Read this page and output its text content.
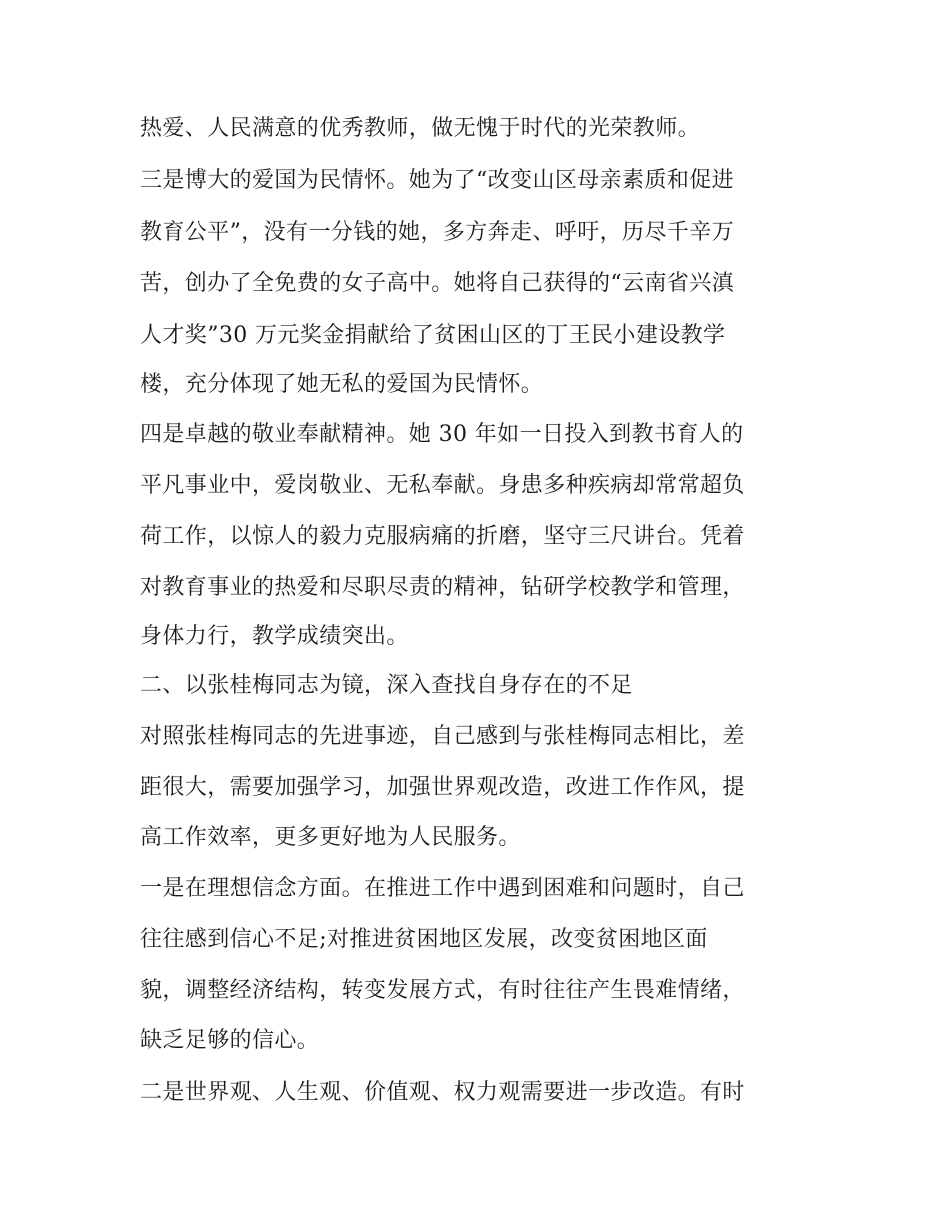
热爱、人民满意的优秀教师，做无愧于时代的光荣教师。

三是博大的爱国为民情怀。她为了“改变山区母亲素质和促进

教育公平”，没有一分钱的她，多方奔走、呼吁，历尽千辛万

苦，创办了全免费的女子高中。她将自己获得的“云南省兴滇

人才奖”30 万元奖金捐献给了贫困山区的丁王民小建设教学

楼，充分体现了她无私的爱国为民情怀。

四是卓越的敬业奉献精神。她 30 年如一日投入到教书育人的

平凡事业中，爱岗敬业、无私奉献。身患多种疾病却常常超负

荷工作，以惊人的毅力克服病痛的折磨，坚守三尺讲台。凭着

对教育事业的热爱和尽职尽责的精神，钻研学校教学和管理，

身体力行，教学成绩突出。

二、以张桂梅同志为镜，深入查找自身存在的不足

对照张桂梅同志的先进事迹，自己感到与张桂梅同志相比，差

距很大，需要加强学习，加强世界观改造，改进工作作风，提

高工作效率，更多更好地为人民服务。

一是在理想信念方面。在推进工作中遇到困难和问题时，自己

往往感到信心不足;对推进贫困地区发展，改变贫困地区面

貌，调整经济结构，转变发展方式，有时往往产生畏难情绪，

缺乏足够的信心。

二是世界观、人生观、价值观、权力观需要进一步改造。有时
